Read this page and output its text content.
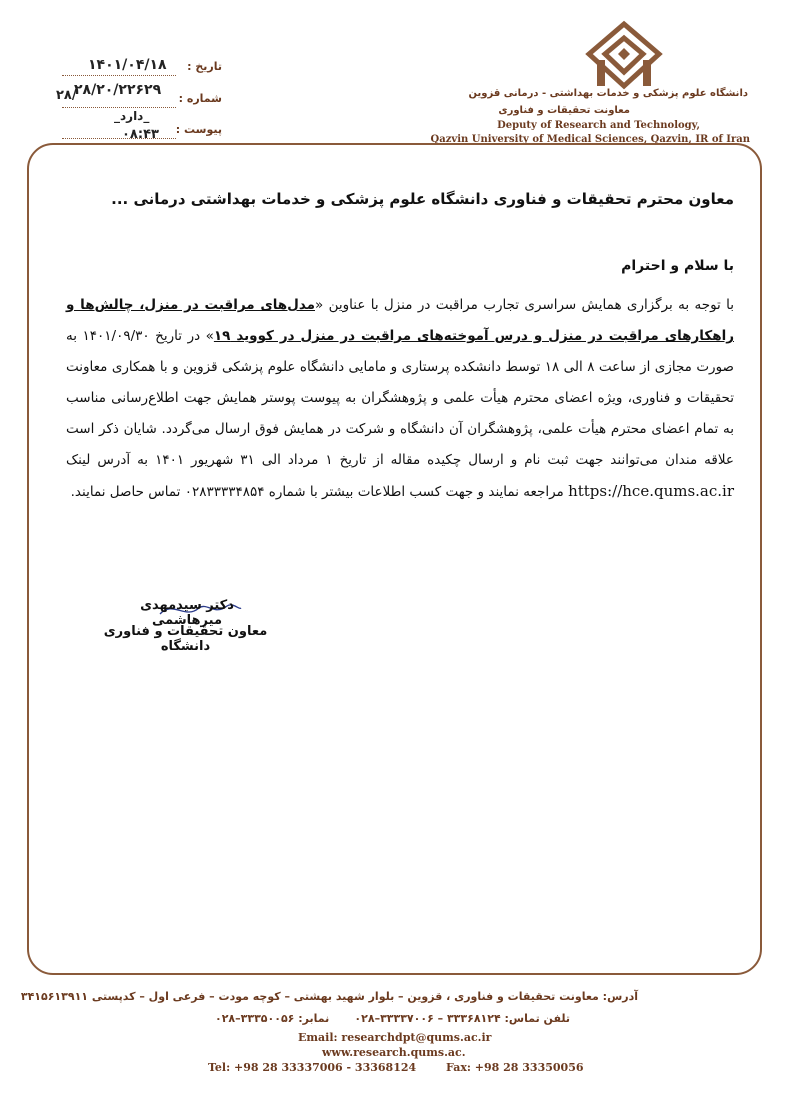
تاریخ :
۱۴۰۱/۰۴/۱۸
شماره :
۲۸/۲۰/۲۲۶۲۹
۲۸/
پیوست :
_دارد_
۰۸:۴۳
دانشگاه علوم پزشکی و خدمات بهداشتی - درمانی قزوین
معاونت تحقیقات و فناوری
Deputy of Research and Technology,
Qazvin University of Medical Sciences, Qazvin, IR of Iran
معاون محترم تحقیقات و فناوری دانشگاه علوم پزشکی و خدمات بهداشتی درمانی ...
با سلام و احترام
با توجه به برگزاری همایش سراسری تجارب مراقبت در منزل با عناوین «مدل‌های مراقبت در منزل، چالش‌ها و راهکارهای مراقبت در منزل و درس آموخته‌های مراقبت در منزل در کووید ۱۹» در تاریخ ۱۴۰۱/۰۹/۳۰ به صورت مجازی از ساعت ۸ الی ۱۸ توسط دانشکده پرستاری و مامایی دانشگاه علوم پزشکی قزوین و با همکاری معاونت تحقیقات و فناوری، ویژه اعضای محترم هیأت علمی و پژوهشگران به پیوست پوستر همایش جهت اطلاع‌رسانی مناسب به تمام اعضای محترم هیأت علمی، پژوهشگران آن دانشگاه و شرکت در همایش فوق ارسال می‌گردد. شایان ذکر است علاقه مندان می‌توانند جهت ثبت نام و ارسال چکیده مقاله از تاریخ ۱ مرداد الی ۳۱ شهریور ۱۴۰۱ به آدرس لینک https://hce.qums.ac.ir مراجعه نمایند و جهت کسب اطلاعات بیشتر با شماره ۰۲۸۳۳۳۳۴۸۵۴ تماس حاصل نمایند.
دکتر سیدمهدی میرهاشمی
معاون تحقیقات و فناوری دانشگاه
آدرس: معاونت تحقیقات و فناوری ، قزوین – بلوار شهید بهشتی – کوچه مودت – فرعی اول – کدپستی ۳۴۱۵۶۱۳۹۱۱
تلفن تماس: ۳۳۳۶۸۱۲۴ – ۳۳۳۳۷۰۰۶–۰۲۸
نمابر: ۳۳۳۵۰۰۵۶–۰۲۸
Email: researchdpt@qums.ac.ir
www.research.qums.ac.
Tel: +98 28 33337006 - 33368124	Fax: +98 28 33350056
